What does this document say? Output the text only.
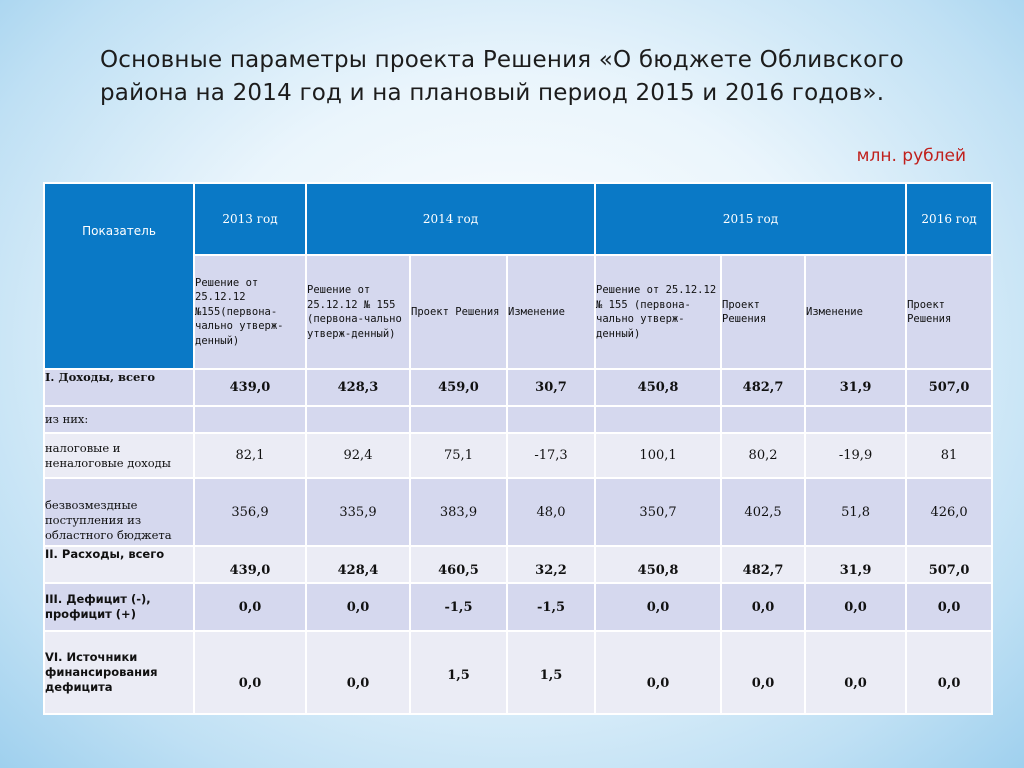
Основные параметры проекта Решения «О бюджете Обливского района на 2014 год и на плановый период 2015 и 2016 годов».
млн. рублей
Показатель	2013 год	2014 год			2015 год			2016 год
	Решение от 25.12.12 №155(первона-чально утверж-денный)	Решение от 25.12.12 № 155 (первона-чально утверж-денный)	Проект Решения	Изменение	Решение от 25.12.12 № 155 (первона-чально утверж-денный)	Проект Решения	Изменение	Проект Решения
I. Доходы, всего	439,0	428,3	459,0	30,7	450,8	482,7	31,9	507,0
из них:								
налоговые и неналоговые доходы	82,1	92,4	75,1	-17,3	100,1	80,2	-19,9	81
безвозмездные поступления из областного бюджета	356,9	335,9	383,9	48,0	350,7	402,5	51,8	426,0
II. Расходы, всего	439,0	428,4	460,5	32,2	450,8	482,7	31,9	507,0
III. Дефицит (-), профицит (+)	0,0	0,0	-1,5	-1,5	0,0	0,0	0,0	0,0
VI. Источники финансирования дефицита	0,0	0,0	1,5	1,5	0,0	0,0	0,0	0,0
